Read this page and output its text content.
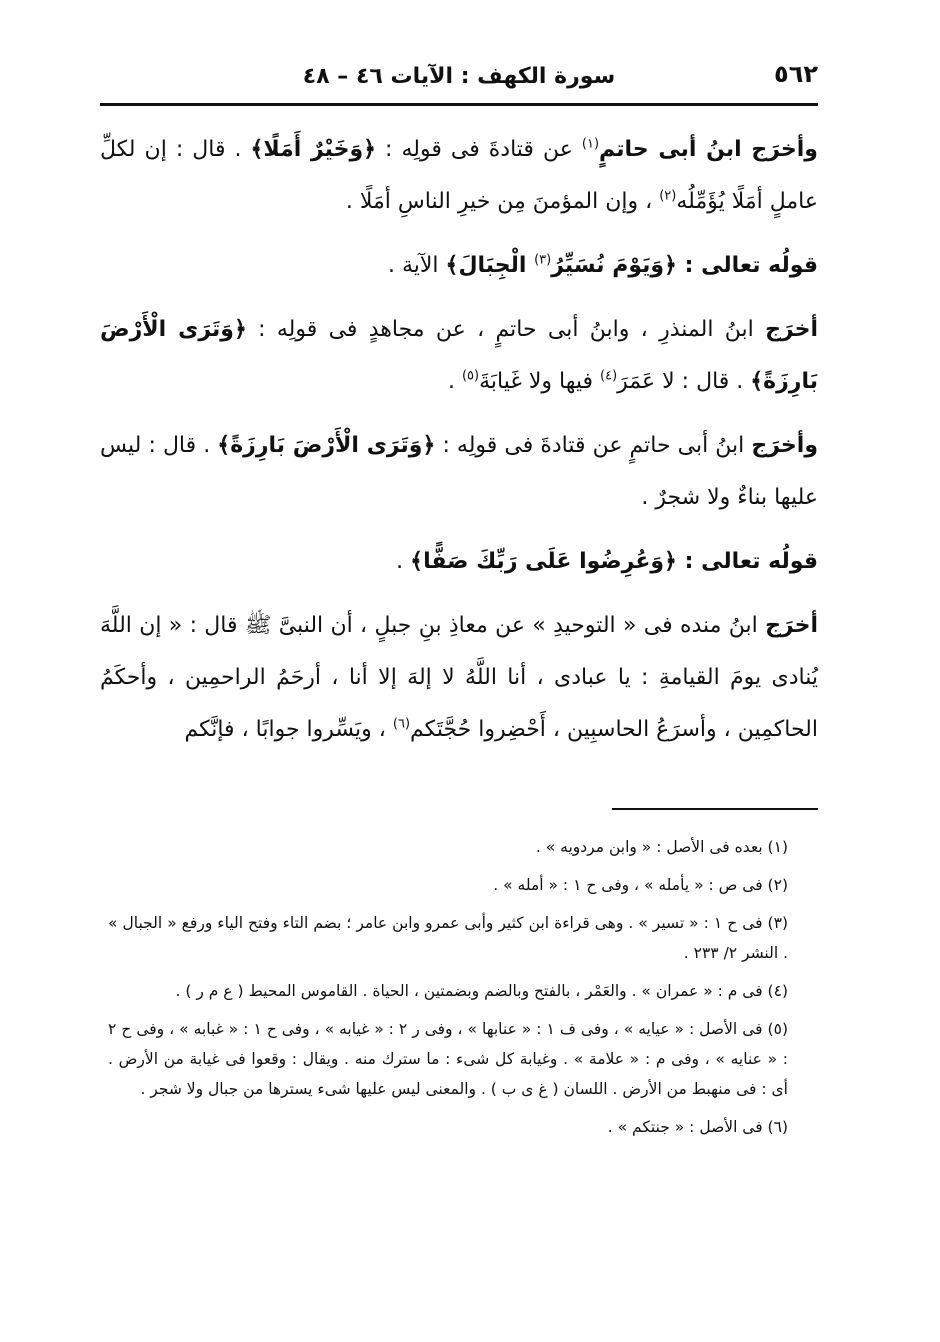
٥٦٢
سورة الكهف : الآيات ٤٦ – ٤٨

وأخرَج ابنُ أبى حاتمٍ$^{(١)}$ عن قتادةَ فى قولِه : ﴿وَخَيْرٌ أَمَلًا﴾ . قال : إن لكلِّ عاملٍ أمَلًا يُؤَمِّلُه$^{(٢)}$ ، وإن المؤمنَ مِن خيرِ الناسِ أمَلًا .

قولُه تعالى : ﴿وَيَوْمَ نُسَيِّرُ$^{(٣)}$ الْجِبَالَ﴾ الآية .

أخرَج ابنُ المنذرِ ، وابنُ أبى حاتمٍ ، عن مجاهدٍ فى قولِه : ﴿وَتَرَى الْأَرْضَ بَارِزَةً﴾ . قال : لا عَمَرَ$^{(٤)}$ فيها ولا غَيابَةَ$^{(٥)}$ .

وأخرَج ابنُ أبى حاتمٍ عن قتادةَ فى قولِه : ﴿وَتَرَى الْأَرْضَ بَارِزَةً﴾ . قال : ليس عليها بناءٌ ولا شجرٌ .

قولُه تعالى : ﴿وَعُرِضُوا عَلَى رَبِّكَ صَفًّا﴾ .

أخرَج ابنُ منده فى « التوحيدِ » عن معاذِ بنِ جبلٍ ، أن النبىَّ ﷺ قال : « إن اللَّهَ يُنادى يومَ القيامةِ : يا عبادى ، أنا اللَّهُ لا إلهَ إلا أنا ، أرحَمُ الراحمِين ، وأحكَمُ الحاكمِين ، وأسرَعُ الحاسبِين ، أَحْضِروا حُجَّتَكم$^{(٦)}$ ، ويَسِّروا جوابًا ، فإنَّكم

(١) بعده فى الأصل : « وابن مردويه » .

(٢) فى ص : « يأمله » ، وفى ح ١ : « أمله » .

(٣) فى ح ١ : « تسير » . وهى قراءة ابن كثير وأبى عمرو وابن عامر ؛ بضم التاء وفتح الياء ورفع « الجبال » . النشر ٢/ ٢٣٣ .

(٤) فى م : « عمران » . والعَمْر ، بالفتح وبالضم وبضمتين ، الحياة . القاموس المحيط ( ع م ر ) .

(٥) فى الأصل : « عيايه » ، وفى ف ١ : « عنابها » ، وفى ر ٢ : « غيابه » ، وفى ح ١ : « غبابه » ، وفى ح ٢ : « عنايه » ، وفى م : « علامة » . وغيابة كل شىء : ما سترك منه . ويقال : وقعوا فى غيابة من الأرض . أى : فى منهبط من الأرض . اللسان ( غ ى ب ) . والمعنى ليس عليها شىء يسترها من جبال ولا شجر .

(٦) فى الأصل : « جنتكم » .
